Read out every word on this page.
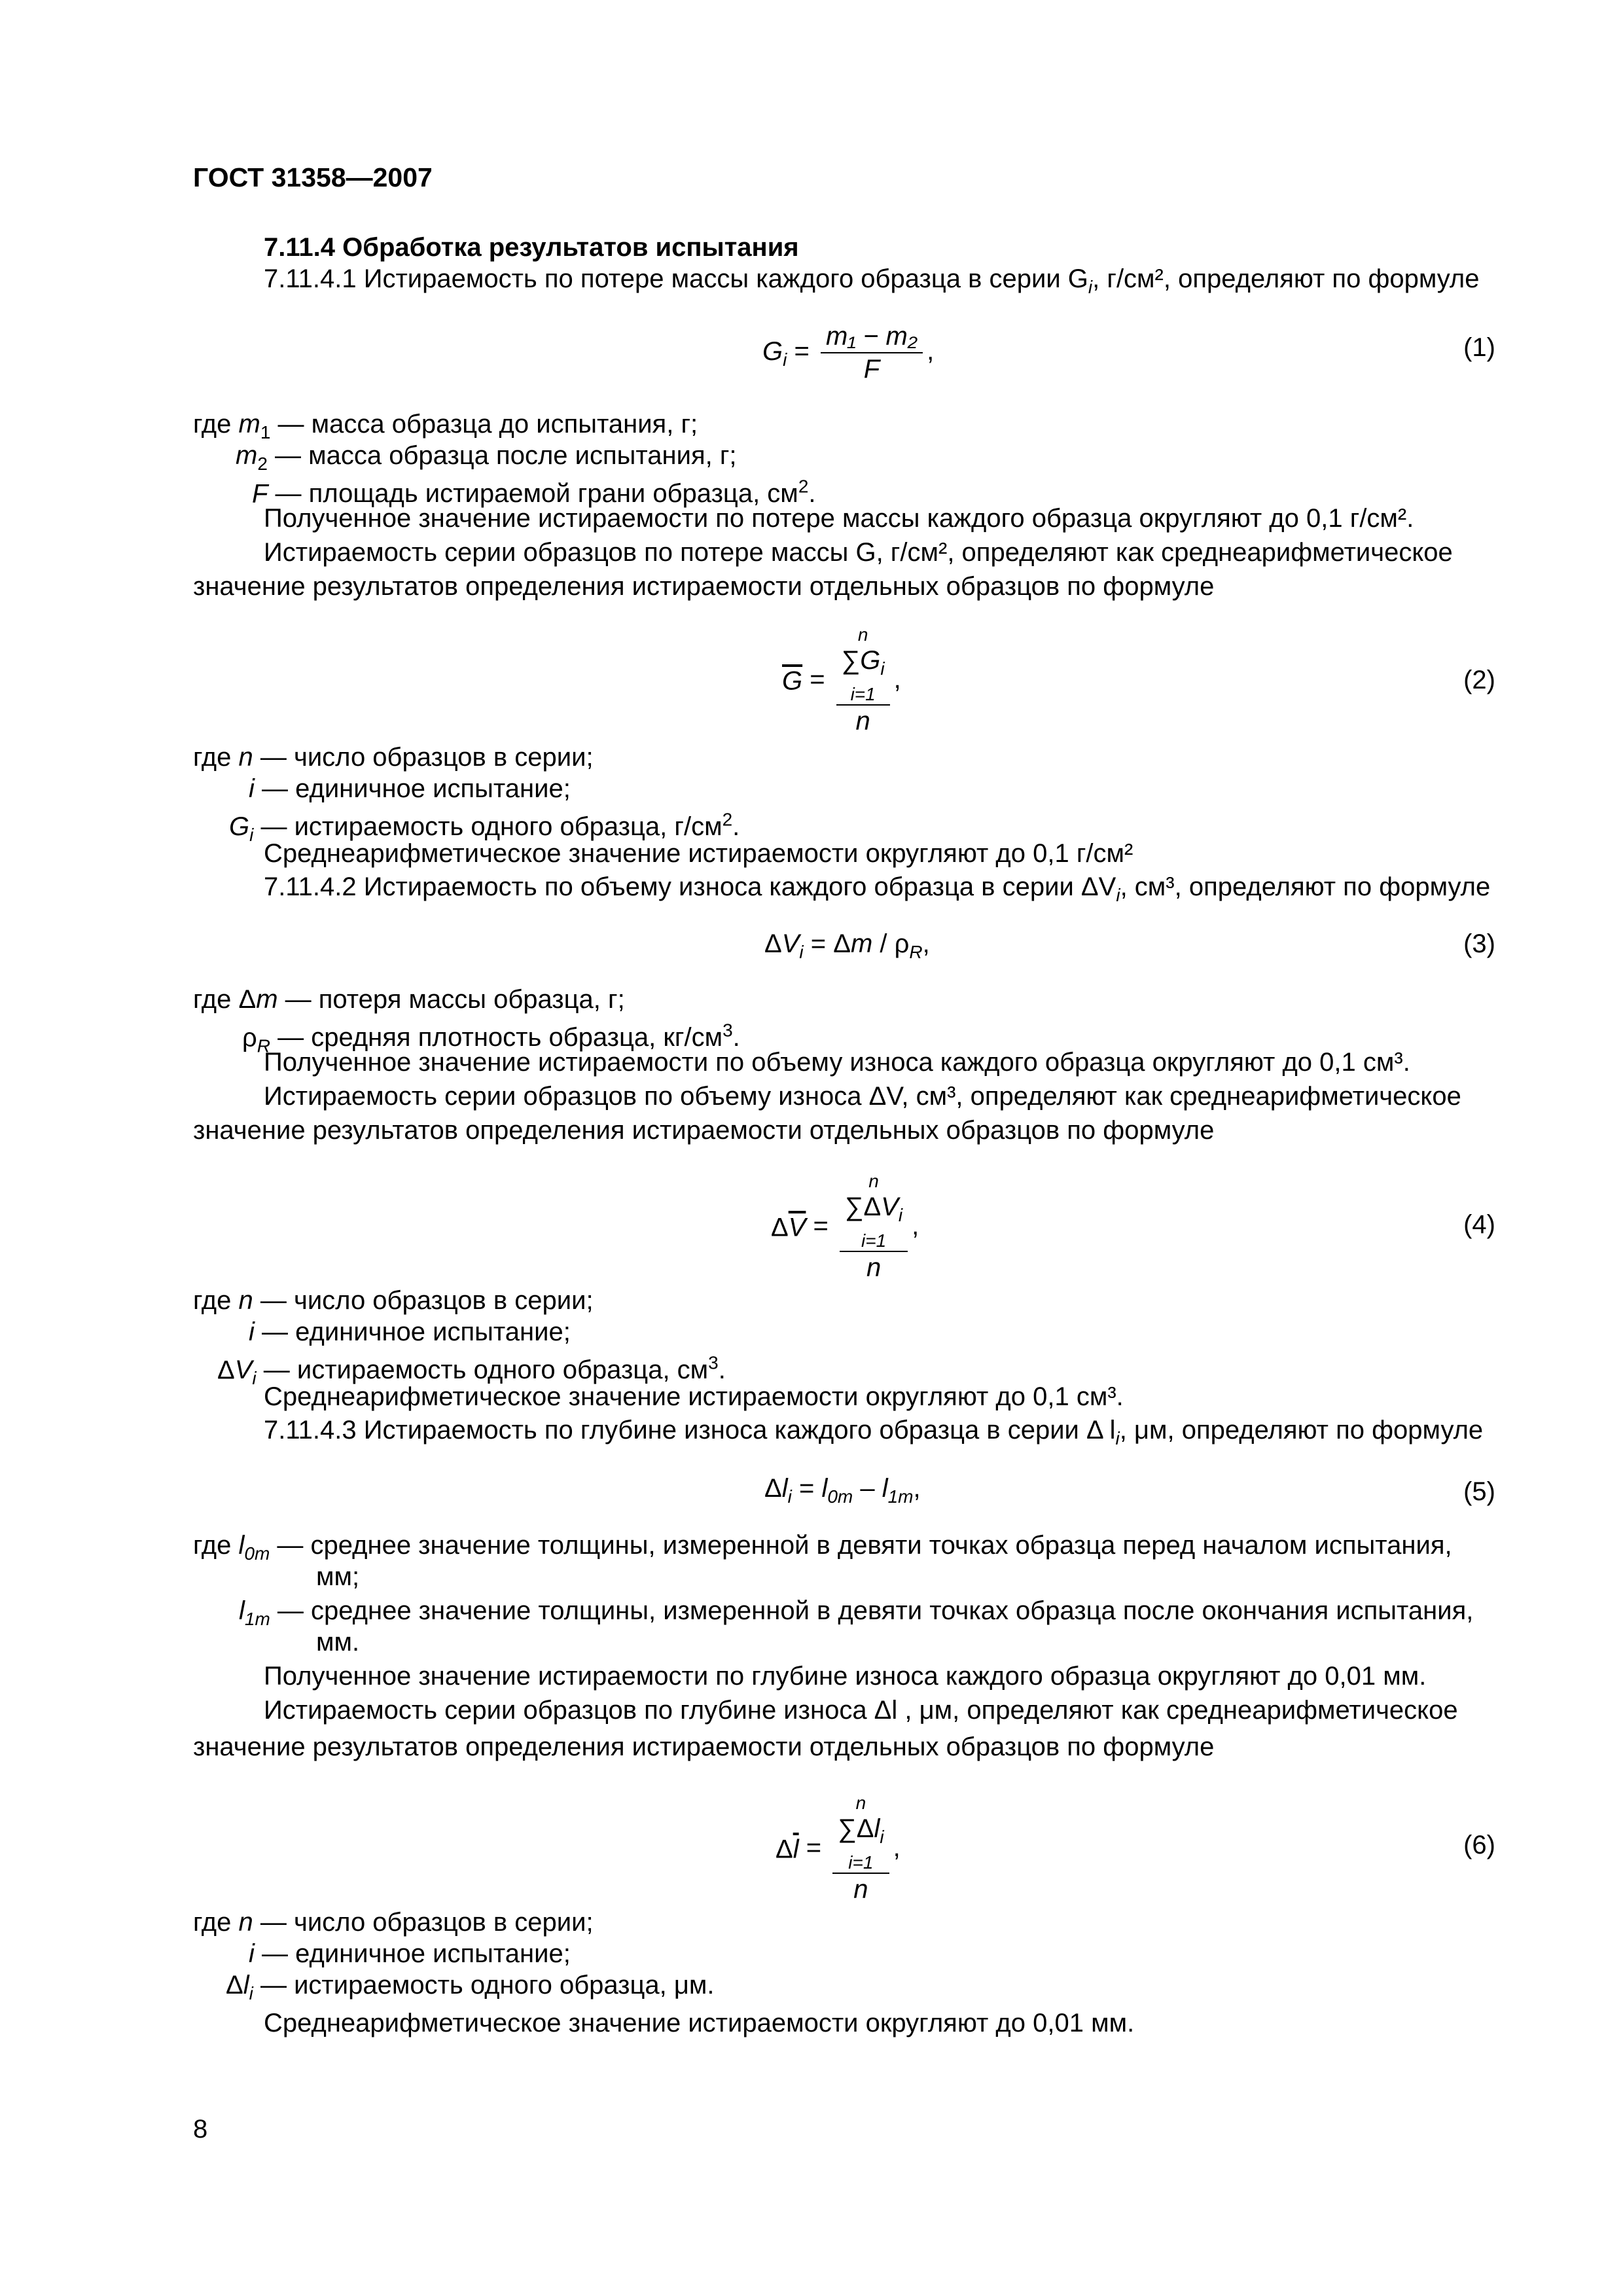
ГОСТ 31358—2007
7.11.4 Обработка результатов испытания
7.11.4.1 Истираемость по потере массы каждого образца в серии $G_i$, г/см², определяют по формуле
$G_i = \frac{\text{m₁ − m₂}}{F}$ ,	(1)
где $m_1$ — масса образца до испытания, г;
$m_2$ — масса образца после испытания, г;
F — площадь истираемой грани образца, $см^2$.
Полученное значение истираемости по потере массы каждого образца округляют до 0,1 г/см².
Истираемость серии образцов по потере массы G, г/см², определяют как среднеарифметическое
значение результатов определения истираемости отдельных образцов по формуле
$\overline{G} = n$
$\sum G_i$
i=1
n ,	(2)
где n — число образцов в серии;
i — единичное испытание;
$G_i$ — истираемость одного образца, $г/см^2$.
Среднеарифметическое значение истираемости округляют до 0,1 г/см²
7.11.4.2 Истираемость по объему износа каждого образца в серии $\Delta V_i$, см³, определяют по формуле
$\Delta V_i = \Delta m / \rho_R$,	(3)
где Δm — потеря массы образца, г;
$\rho_R$ — средняя плотность образца, $кг/см^3$.
Полученное значение истираемости по объему износа каждого образца округляют до 0,1 см³.
Истираемость серии образцов по объему износа ΔV, см³, определяют как среднеарифметическое
значение результатов определения истираемости отдельных образцов по формуле
$\Delta\overline{V} = n$
$\sum\Delta V_i$
i=1
n ,	(4)
где n — число образцов в серии;
i — единичное испытание;
$\Delta V_i$ — истираемость одного образца, $см^3$.
Среднеарифметическое значение истираемости округляют до 0,1 см³.
7.11.4.3 Истираемость по глубине износа каждого образца в серии Δ $l_i$, μм, определяют по формуле
$\Delta l_i = l_{0m} - l_{1m}$,	(5)
где $l_{0m}$ — среднее значение толщины, измеренной в девяти точках образца перед началом испытания,
мм;
$l_{1m}$ — среднее значение толщины, измеренной в девяти точках образца после окончания испытания,
мм.
Полученное значение истираемости по глубине износа каждого образца округляют до 0,01 мм.
Истираемость серии образцов по глубине износа Δl , μм, определяют как среднеарифметическое
значение результатов определения истираемости отдельных образцов по формуле
$\Delta\overline{l} = n$
$\sum\Delta l_i$
i=1
n ,	(6)
где n — число образцов в серии;
i — единичное испытание;
$\Delta l_i$ — истираемость одного образца, μм.
Среднеарифметическое значение истираемости округляют до 0,01 мм.
8
